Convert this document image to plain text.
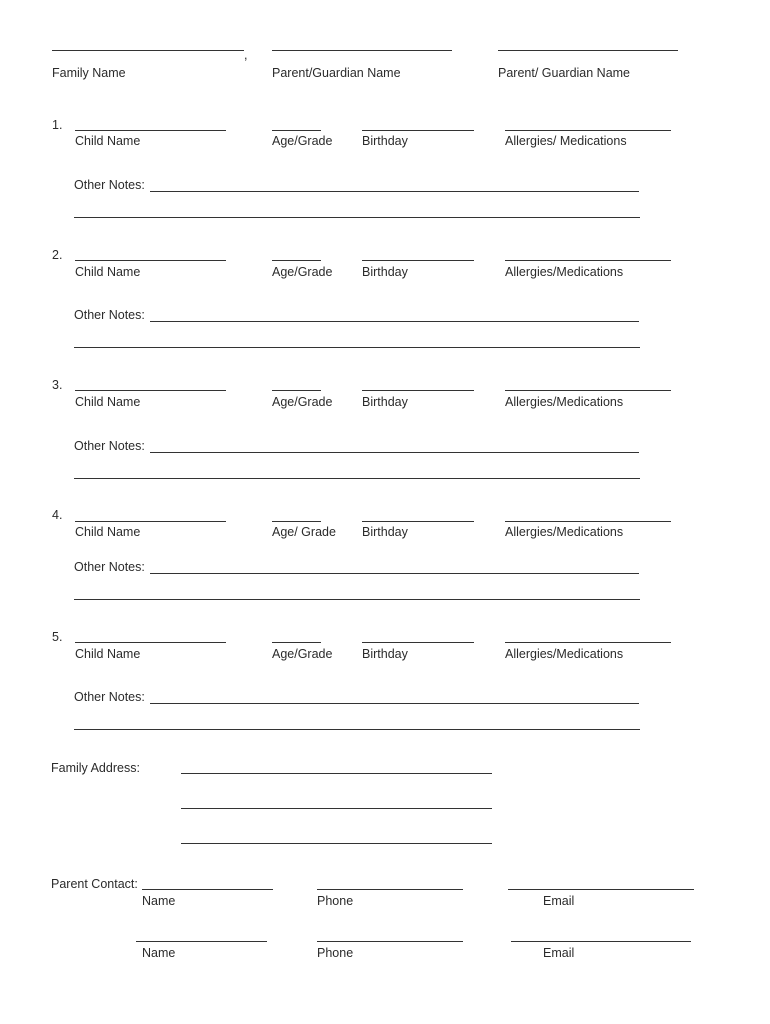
,
Family Name	Parent/Guardian Name	Parent/ Guardian Name
1.
Child Name	Age/Grade Birthday	Allergies/ Medications
Other Notes:
2.
Child Name	Age/Grade Birthday	Allergies/Medications
Other Notes:
3.
Child Name	Age/Grade Birthday	Allergies/Medications
Other Notes:
4.
Child Name	Age/ Grade Birthday	Allergies/Medications
Other Notes:
5.
Child Name	Age/Grade Birthday	Allergies/Medications
Other Notes:
Family Address:
Parent Contact:
Name	Phone	Email
Name	Phone	Email
